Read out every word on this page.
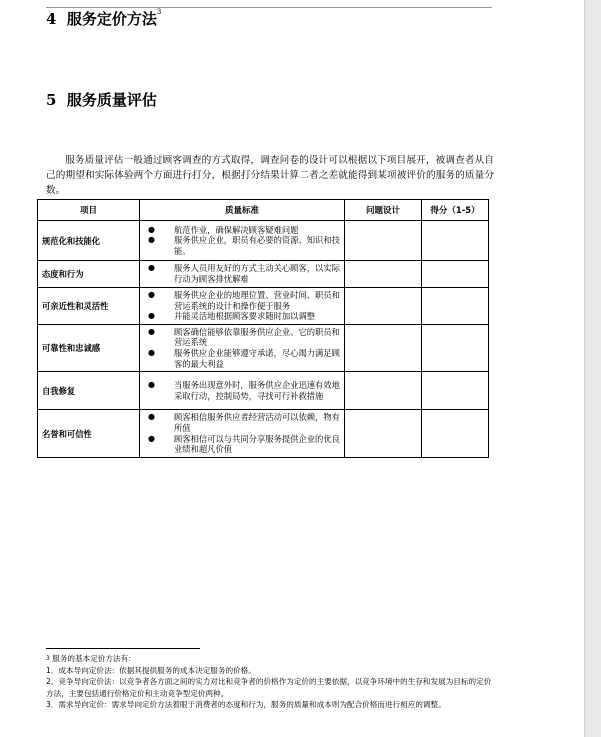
4 服务定价方法$^3$
5 服务质量评估
服务质量评估一般通过顾客调查的方式取得，调查问卷的设计可以根据以下项目展开，被调查者从自己的期望和实际体验两个方面进行打分，根据打分结果计算二者之差就能得到某项被评价的服务的质量分数。
项目	质量标准	问题设计	得分（1-5）
规范化和技能化	● 航范作业，确保解决顾客疑难问题
● 服务供应企业，职员有必要的资源、知识和技能。		

态度和行为	● 服务人员用友好的方式主动关心顾客，以实际行动为顾客排忧解难		

可亲近性和灵活性	● 服务供应企业的地理位置、营业时间、职员和营运系统的设计和操作便于服务
● 并能灵活地根据顾客要求随时加以调整		

可靠性和忠诚感	● 顾客确信能够依靠服务供应企业、它的职员和营运系统
● 服务供应企业能够遵守承诺，尽心竭力满足顾客的最大利益		

自我修复	● 当服务出现意外时，服务供应企业迅速有效地采取行动，控制局势，寻找可行补救措施		

名誉和可信性	● 顾客相信服务供应者经营活动可以依赖，物有所值
● 顾客相信可以与共同分享服务提供企业的优良业绩和超凡价值		

$^3$ 服务的基本定价方法有：
1．成本导向定价法：依据其提供服务的成本决定服务的价格。
2．竞争导向定价法：以竞争者各方面之间的实力对比和竞争者的价格作为定价的主要依据，以竞争环境中的生存和发展为目标的定价方法，主要包括通行价格定价和主动竞争型定价两种。
3．需求导向定价：需求导向定价方法着眼于消费者的态度和行为，服务的质量和成本则为配合价格而进行相应的调整。
